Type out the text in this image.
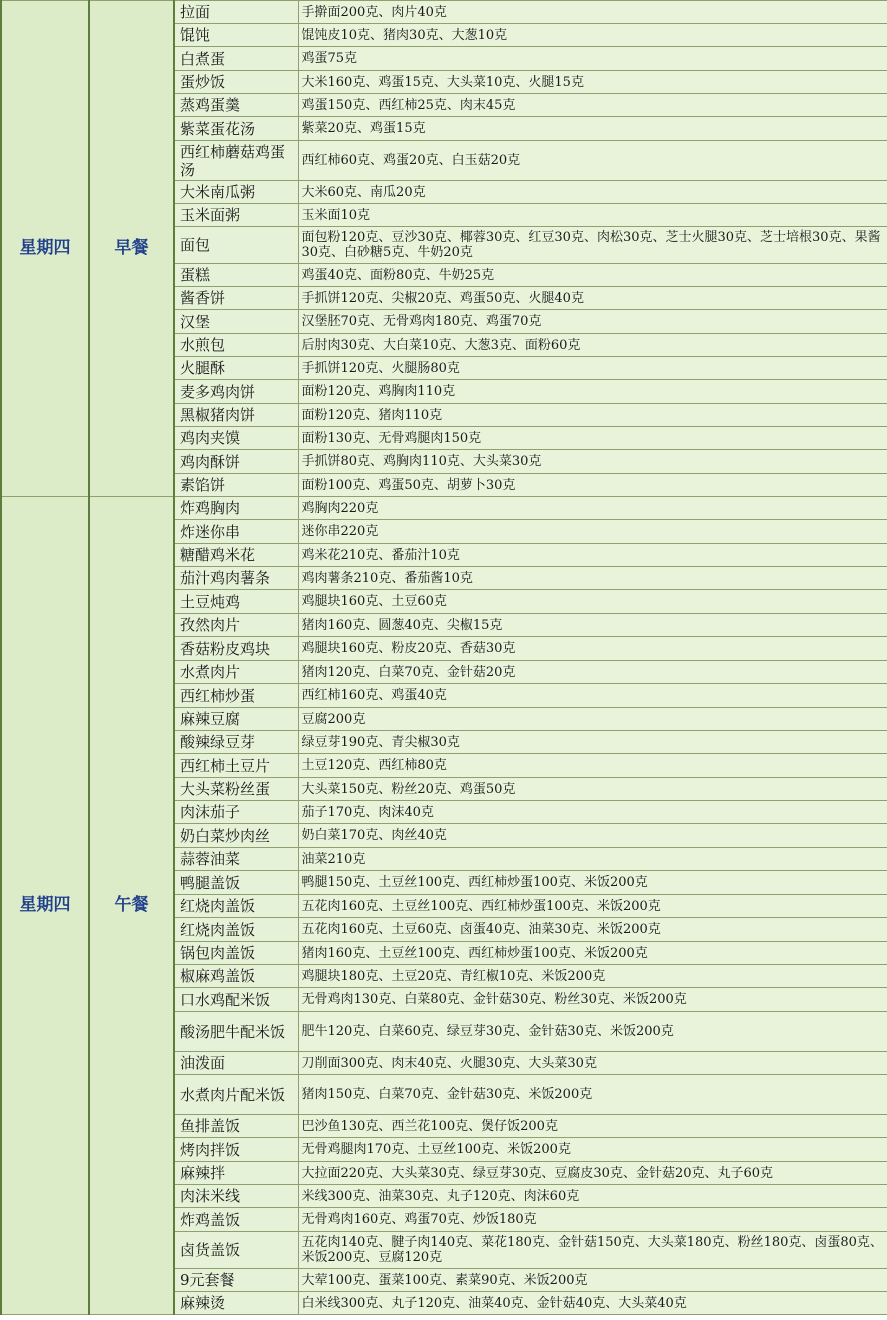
星期四	早餐	拉面	手擀面200克、肉片40克
		馄饨	馄饨皮10克、猪肉30克、大葱10克
		白煮蛋	鸡蛋75克
		蛋炒饭	大米160克、鸡蛋15克、大头菜10克、火腿15克
		蒸鸡蛋羹	鸡蛋150克、西红柿25克、肉末45克
		紫菜蛋花汤	紫菜20克、鸡蛋15克
		西红柿蘑菇鸡蛋汤	西红柿60克、鸡蛋20克、白玉菇20克
		大米南瓜粥	大米60克、南瓜20克
		玉米面粥	玉米面10克
		面包	面包粉120克、豆沙30克、椰蓉30克、红豆30克、肉松30克、芝士火腿30克、芝士培根30克、果酱30克、白砂糖5克、牛奶20克
		蛋糕	鸡蛋40克、面粉80克、牛奶25克
		酱香饼	手抓饼120克、尖椒20克、鸡蛋50克、火腿40克
		汉堡	汉堡胚70克、无骨鸡肉180克、鸡蛋70克
		水煎包	后肘肉30克、大白菜10克、大葱3克、面粉60克
		火腿酥	手抓饼120克、火腿肠80克
		麦多鸡肉饼	面粉120克、鸡胸肉110克
		黑椒猪肉饼	面粉120克、猪肉110克
		鸡肉夹馍	面粉130克、无骨鸡腿肉150克
		鸡肉酥饼	手抓饼80克、鸡胸肉110克、大头菜30克
		素馅饼	面粉100克、鸡蛋50克、胡萝卜30克
星期四	午餐	炸鸡胸肉	鸡胸肉220克
		炸迷你串	迷你串220克
		糖醋鸡米花	鸡米花210克、番茄汁10克
		茄汁鸡肉薯条	鸡肉薯条210克、番茄酱10克
		土豆炖鸡	鸡腿块160克、土豆60克
		孜然肉片	猪肉160克、圆葱40克、尖椒15克
		香菇粉皮鸡块	鸡腿块160克、粉皮20克、香菇30克
		水煮肉片	猪肉120克、白菜70克、金针菇20克
		西红柿炒蛋	西红柿160克、鸡蛋40克
		麻辣豆腐	豆腐200克
		酸辣绿豆芽	绿豆芽190克、青尖椒30克
		西红柿土豆片	土豆120克、西红柿80克
		大头菜粉丝蛋	大头菜150克、粉丝20克、鸡蛋50克
		肉沫茄子	茄子170克、肉沫40克
		奶白菜炒肉丝	奶白菜170克、肉丝40克
		蒜蓉油菜	油菜210克
		鸭腿盖饭	鸭腿150克、土豆丝100克、西红柿炒蛋100克、米饭200克
		红烧肉盖饭	五花肉160克、土豆丝100克、西红柿炒蛋100克、米饭200克
		红烧肉盖饭	五花肉160克、土豆60克、卤蛋40克、油菜30克、米饭200克
		锅包肉盖饭	猪肉160克、土豆丝100克、西红柿炒蛋100克、米饭200克
		椒麻鸡盖饭	鸡腿块180克、土豆20克、青红椒10克、米饭200克
		口水鸡配米饭	无骨鸡肉130克、白菜80克、金针菇30克、粉丝30克、米饭200克
		酸汤肥牛配米饭	肥牛120克、白菜60克、绿豆芽30克、金针菇30克、米饭200克
		油泼面	刀削面300克、肉末40克、火腿30克、大头菜30克
		水煮肉片配米饭	猪肉150克、白菜70克、金针菇30克、米饭200克
		鱼排盖饭	巴沙鱼130克、西兰花100克、煲仔饭200克
		烤肉拌饭	无骨鸡腿肉170克、土豆丝100克、米饭200克
		麻辣拌	大拉面220克、大头菜30克、绿豆芽30克、豆腐皮30克、金针菇20克、丸子60克
		肉沫米线	米线300克、油菜30克、丸子120克、肉沫60克
		炸鸡盖饭	无骨鸡肉160克、鸡蛋70克、炒饭180克
		卤货盖饭	五花肉140克、腱子肉140克、菜花180克、金针菇150克、大头菜180克、粉丝180克、卤蛋80克、米饭200克、豆腐120克
		9元套餐	大荤100克、蛋菜100克、素菜90克、米饭200克
		麻辣烫	白米线300克、丸子120克、油菜40克、金针菇40克、大头菜40克
